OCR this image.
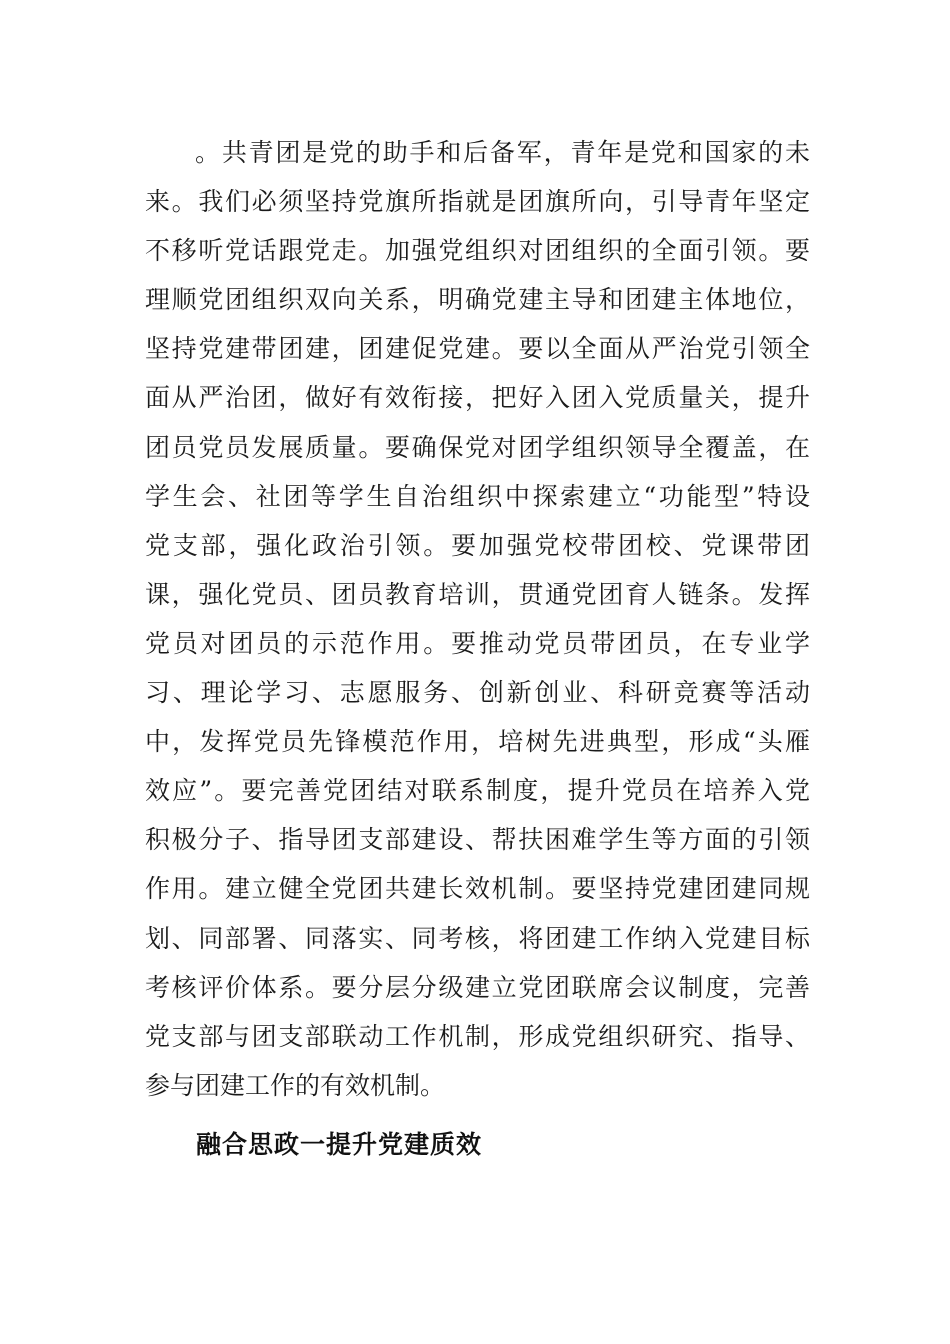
。共青团是党的助手和后备军，青年是党和国家的未
来。我们必须坚持党旗所指就是团旗所向，引导青年坚定
不移听党话跟党走。加强党组织对团组织的全面引领。要
理顺党团组织双向关系，明确党建主导和团建主体地位，
坚持党建带团建，团建促党建。要以全面从严治党引领全
面从严治团，做好有效衔接，把好入团入党质量关，提升
团员党员发展质量。要确保党对团学组织领导全覆盖，在
学生会、社团等学生自治组织中探索建立“功能型”特设
党支部，强化政治引领。要加强党校带团校、党课带团
课，强化党员、团员教育培训，贯通党团育人链条。发挥
党员对团员的示范作用。要推动党员带团员，在专业学
习、理论学习、志愿服务、创新创业、科研竞赛等活动
中，发挥党员先锋模范作用，培树先进典型，形成“头雁
效应”。要完善党团结对联系制度，提升党员在培养入党
积极分子、指导团支部建设、帮扶困难学生等方面的引领
作用。建立健全党团共建长效机制。要坚持党建团建同规
划、同部署、同落实、同考核，将团建工作纳入党建目标
考核评价体系。要分层分级建立党团联席会议制度，完善
党支部与团支部联动工作机制，形成党组织研究、指导、
参与团建工作的有效机制。
融合思政一提升党建质效
